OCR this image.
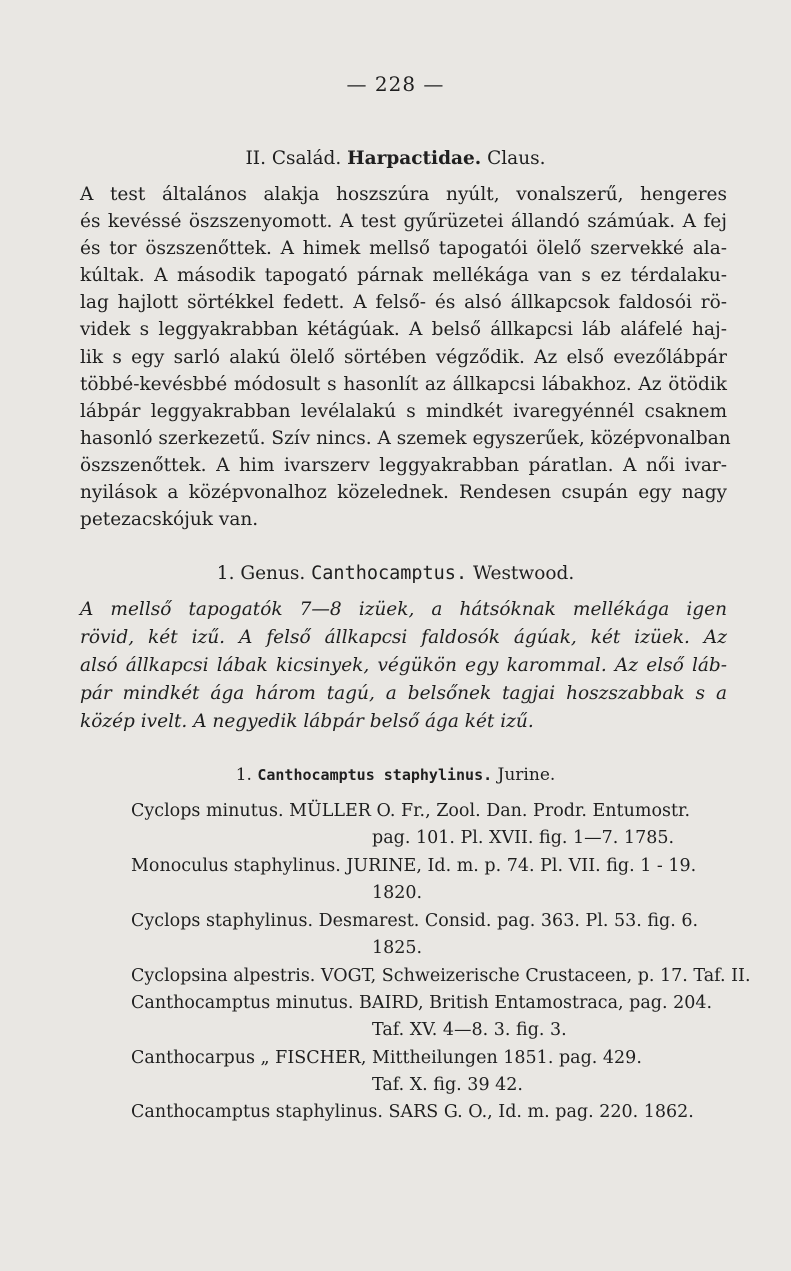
— 228 —
II. Család. Harpactidae. Claus.
A test általános alakja hoszszúra nyúlt, vonalszerű, hengeres
és kevéssé öszszenyomott. A test gyűrüzetei állandó számúak. A fej
és tor öszszenőttek. A himek mellső tapogatói ölelő szervekké ala-
kúltak. A második tapogató párnak mellékága van s ez térdalaku-
lag hajlott sörtékkel fedett. A felső- és alsó állkapcsok faldosói rö-
videk s leggyakrabban kétágúak. A belső állkapcsi láb aláfelé haj-
lik s egy sarló alakú ölelő sörtében végződik. Az első evezőlábpár
többé-kevésbbé módosult s hasonlít az állkapcsi lábakhoz. Az ötödik
lábpár leggyakrabban levélalakú s mindkét ivaregyénnél csaknem
hasonló szerkezetű. Szív nincs. A szemek egyszerűek, középvonalban
öszszenőttek. A him ivarszerv leggyakrabban páratlan. A női ivar-
nyilások a középvonalhoz közelednek. Rendesen csupán egy nagy
petezacskójuk van.
1. Genus. Canthocamptus. Westwood.
A mellső tapogatók 7—8 izüek, a hátsóknak mellékága igen
rövid, két izű. A felső állkapcsi faldosók ágúak, két izüek. Az
alsó állkapcsi lábak kicsinyek, végükön egy karommal. Az első láb-
pár mindkét ága három tagú, a belsőnek tagjai hoszszabbak s a
közép ivelt. A negyedik lábpár belső ága két izű.
1. Canthocamptus staphylinus. Jurine.
Cyclops minutus. MÜLLER O. Fr., Zool. Dan. Prodr. Entumostr.
pag. 101. Pl. XVII. fig. 1—7. 1785.
Monoculus staphylinus. JURINE, Id. m. p. 74. Pl. VII. fig. 1 - 19.
1820.
Cyclops staphylinus. Desmarest. Consid. pag. 363. Pl. 53. fig. 6.
1825.
Cyclopsina alpestris. VOGT, Schweizerische Crustaceen, p. 17. Taf. II.
Canthocamptus minutus. BAIRD, British Entamostraca, pag. 204.
Taf. XV. 4—8. 3. fig. 3.
Canthocarpus „ FISCHER, Mittheilungen 1851. pag. 429.
Taf. X. fig. 39 42.
Canthocamptus staphylinus. SARS G. O., Id. m. pag. 220. 1862.
